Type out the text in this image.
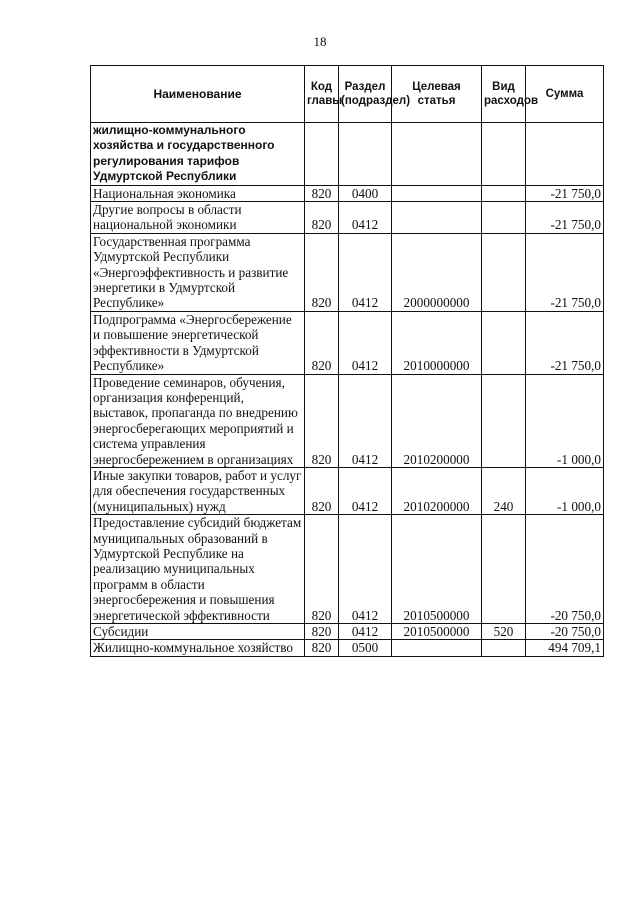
18
Наименование	Код главы	Раздел (подраздел)	Целевая статья	Вид расходов	Сумма
жилищно-коммунального хозяйства и государственного регулирования тарифов Удмуртской Республики					
Национальная экономика	820	0400			-21 750,0
Другие вопросы в области национальной экономики	820	0412			-21 750,0
Государственная программа Удмуртской Республики «Энергоэффективность и развитие энергетики в Удмуртской Республике»	820	0412	2000000000		-21 750,0
Подпрограмма «Энергосбережение и повышение энергетической эффективности в Удмуртской Республике»	820	0412	2010000000		-21 750,0
Проведение семинаров, обучения, организация конференций, выставок, пропаганда по внедрению энергосберегающих мероприятий и система управления энергосбережением в организациях	820	0412	2010200000		-1 000,0
Иные закупки товаров, работ и услуг для обеспечения государственных (муниципальных) нужд	820	0412	2010200000	240	-1 000,0
Предоставление субсидий бюджетам муниципальных образований в Удмуртской Республике на реализацию муниципальных программ в области энергосбережения и повышения энергетической эффективности	820	0412	2010500000		-20 750,0
Субсидии	820	0412	2010500000	520	-20 750,0
Жилищно-коммунальное хозяйство	820	0500			494 709,1
